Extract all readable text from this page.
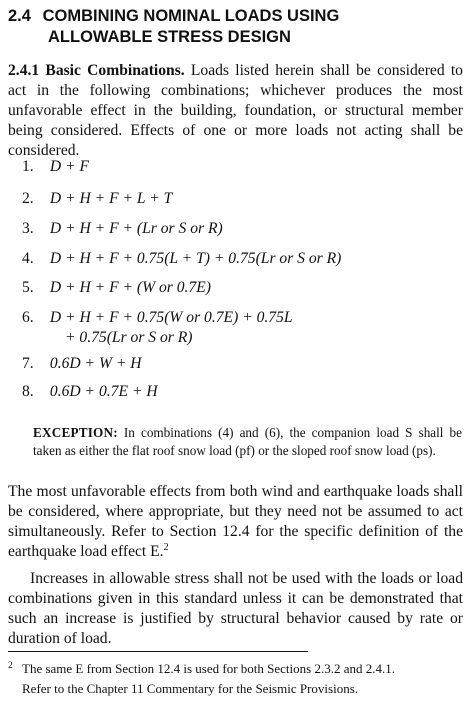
2.4 COMBINING NOMINAL LOADS USING
ALLOWABLE STRESS DESIGN

2.4.1 Basic Combinations. Loads listed herein shall be considered to act in the following combinations; whichever produces the most unfavorable effect in the building, foundation, or structural member being considered. Effects of one or more loads not acting shall be considered.

1. D + F
2. D + H + F + L + T
3. D + H + F + (Lr or S or R)
4. D + H + F + 0.75(L + T) + 0.75(Lr or S or R)
5. D + H + F + (W or 0.7E)
6. D + H + F + 0.75(W or 0.7E) + 0.75L
+ 0.75(Lr or S or R)
7. 0.6D + W + H
8. 0.6D + 0.7E + H

EXCEPTION: In combinations (4) and (6), the companion load S shall be taken as either the flat roof snow load (pf) or the sloped roof snow load (ps).

The most unfavorable effects from both wind and earthquake loads shall be considered, where appropriate, but they need not be assumed to act simultaneously. Refer to Section 12.4 for the specific definition of the earthquake load effect E.$^2$

Increases in allowable stress shall not be used with the loads or load combinations given in this standard unless it can be demonstrated that such an increase is justified by structural behavior caused by rate or duration of load.

2 The same E from Section 12.4 is used for both Sections 2.3.2 and 2.4.1.
Refer to the Chapter 11 Commentary for the Seismic Provisions.
